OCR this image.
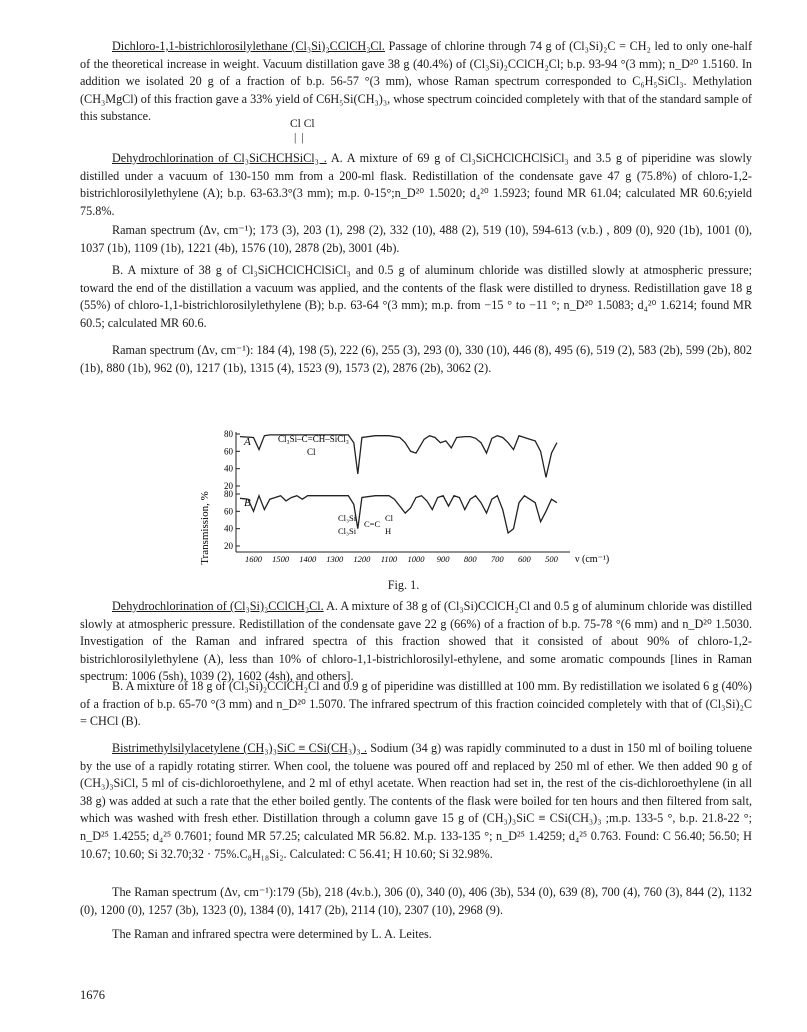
Dichloro-1,1-bistrichlorosilylethane (Cl₃Si)₂CClCH₂Cl. Passage of chlorine through 74 g of (Cl₃Si)₂C = CH₂ led to only one-half of the theoretical increase in weight. Vacuum distillation gave 38 g (40.4%) of (Cl₃Si)₂CClCH₂Cl; b.p. 93-94 °(3 mm); n_D²⁰ 1.5160. In addition we isolated 20 g of a fraction of b.p. 56-57 °(3 mm), whose Raman spectrum corresponded to C₆H₅SiCl₃. Methylation (CH₃MgCl) of this fraction gave a 33% yield of C6H₅Si(CH₃)₃, whose spectrum coincided completely with that of the standard sample of this substance.

Cl Cl
| |

Dehydrochlorination of Cl₃SiCHCHSiCl₃ . A. A mixture of 69 g of Cl₃SiCHClCHClSiCl₃ and 3.5 g of piperidine was slowly distilled under a vacuum of 130-150 mm from a 200-ml flask. Redistillation of the condensate gave 47 g (75.8%) of chloro-1,2-bistrichlorosilylethylene (A); b.p. 63-63.3°(3 mm); m.p. 0-15°;n_D²⁰ 1.5020; d₄²⁰ 1.5923; found MR 61.04; calculated MR 60.6;yield 75.8%.

Raman spectrum (Δν, cm⁻¹); 173 (3), 203 (1), 298 (2), 332 (10), 488 (2), 519 (10), 594-613 (v.b.) , 809 (0), 920 (1b), 1001 (0), 1037 (1b), 1109 (1b), 1221 (4b), 1576 (10), 2878 (2b), 3001 (4b).

B. A mixture of 38 g of Cl₃SiCHClCHClSiCl₃ and 0.5 g of aluminum chloride was distilled slowly at atmospheric pressure; toward the end of the distillation a vacuum was applied, and the contents of the flask were distilled to dryness. Redistillation gave 18 g (55%) of chloro-1,1-bistrichlorosilylethylene (B); b.p. 63-64 °(3 mm); m.p. from −15 ° to −11 °; n_D²⁰ 1.5083; d₄²⁰ 1.6214; found MR 60.5; calculated MR 60.6.

Raman spectrum (Δν, cm⁻¹): 184 (4), 198 (5), 222 (6), 255 (3), 293 (0), 330 (10), 446 (8), 495 (6), 519 (2), 583 (2b), 599 (2b), 802 (1b), 880 (1b), 962 (0), 1217 (1b), 1315 (4), 1523 (9), 1573 (2), 2876 (2b), 3062 (2).

Transmission, %
A
B
80
60
40
20
80
60
40
20
1600 1500 1400 1300 1200 1100 1000 900 800 700 600 500 ν (cm⁻¹)
Cl₃Si–C=CH–SiCl₃
Cl
Cl₃Si
Cl₃Si
C=C
Cl
H
Fig. 1.

Dehydrochlorination of (Cl₃Si)₂CClCH₂Cl. A. A mixture of 38 g of (Cl₃Si)CClCH₂Cl and 0.5 g of aluminum chloride was distilled slowly at atmospheric pressure. Redistillation of the condensate gave 22 g (66%) of a fraction of b.p. 75-78 °(6 mm) and n_D²⁰ 1.5030. Investigation of the Raman and infrared spectra of this fraction showed that it consisted of about 90% of chloro-1,2-bistrichlorosilylethylene (A), less than 10% of chloro-1,1-bistrichlorosilyl-ethylene, and some aromatic compounds [lines in Raman spectrum: 1006 (5sh), 1039 (2), 1602 (4sh), and others].

B. A mixture of 18 g of (Cl₃Si)₂CClCH₂Cl and 0.9 g of piperidine was distillled at 100 mm. By redistillation we isolated 6 g (40%) of a fraction of b.p. 65-70 °(3 mm) and n_D²⁰ 1.5070. The infrared spectrum of this fraction coincided completely with that of (Cl₃Si)₂C = CHCl (B).

Bistrimethylsilylacetylene (CH₃)₃SiC ≡ CSi(CH₃)₃ . Sodium (34 g) was rapidly comminuted to a dust in 150 ml of boiling toluene by the use of a rapidly rotating stirrer. When cool, the toluene was poured off and replaced by 250 ml of ether. We then added 90 g of (CH₃)₃SiCl, 5 ml of cis-dichloroethylene, and 2 ml of ethyl acetate. When reaction had set in, the rest of the cis-dichloroethylene (in all 38 g) was added at such a rate that the ether boiled gently. The contents of the flask were boiled for ten hours and then filtered from salt, which was washed with fresh ether. Distillation through a column gave 15 g of (CH₃)₃SiC ≡ CSi(CH₃)₃ ;m.p. 133-5 °, b.p. 21.8-22 °; n_D²⁵ 1.4255; d₄²⁵ 0.7601; found MR 57.25; calculated MR 56.82. M.p. 133-135 °; n_D²⁵ 1.4259; d₄²⁵ 0.763. Found: C 56.40; 56.50; H 10.67; 10.60; Si 32.70;32 · 75%.C₈H₁₈Si₂. Calculated: C 56.41; H 10.60; Si 32.98%.

The Raman spectrum (Δν, cm⁻¹):179 (5b), 218 (4v.b.), 306 (0), 340 (0), 406 (3b), 534 (0), 639 (8), 700 (4), 760 (3), 844 (2), 1132 (0), 1200 (0), 1257 (3b), 1323 (0), 1384 (0), 1417 (2b), 2114 (10), 2307 (10), 2968 (9).

The Raman and infrared spectra were determined by L. A. Leites.

1676
